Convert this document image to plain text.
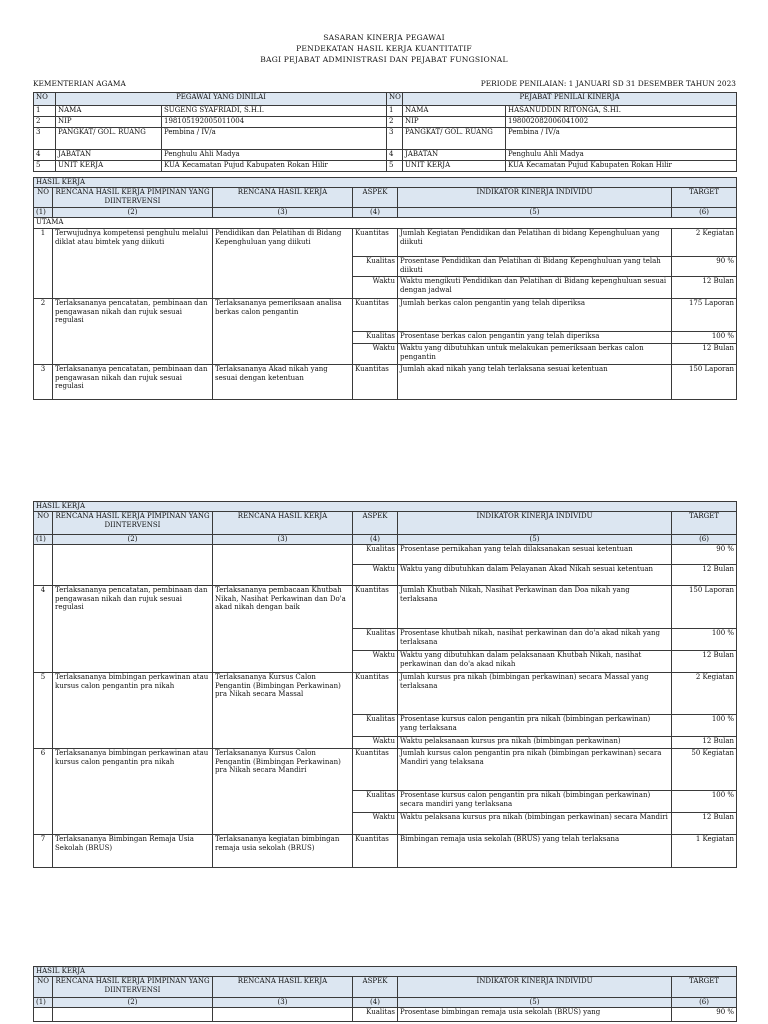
SASARAN KINERJA PEGAWAI
PENDEKATAN HASIL KERJA KUANTITATIF
BAGI PEJABAT ADMINISTRASI DAN PEJABAT FUNGSIONAL
KEMENTERIAN AGAMA	PERIODE PENILAIAN: 1 JANUARI SD 31 DESEMBER TAHUN 2023
NO	PEGAWAI YANG DINILAI		NO	PEJABAT PENILAI KINERJA	
1	NAMA	SUGENG SYAFRIADI, S.H.I.	1	NAMA	HASANUDDIN RITONGA, S.HI.
2	NIP	198105192005011004	2	NIP	198002082006041002
3	PANGKAT/ GOL. RUANG	Pembina / IV/a	3	PANGKAT/ GOL. RUANG	Pembina / IV/a
4	JABATAN	Penghulu Ahli Madya	4	JABATAN	Penghulu Ahli Madya
5	UNIT KERJA	KUA Kecamatan Pujud Kabupaten Rokan Hilir	5	UNIT KERJA	KUA Kecamatan Pujud Kabupaten Rokan Hilir
HASIL KERJA					
NO	RENCANA HASIL KERJA PIMPINAN YANG DIINTERVENSI	RENCANA HASIL KERJA	ASPEK	INDIKATOR KINERJA INDIVIDU	TARGET
(1)	(2)	(3)	(4)	(5)	(6)
UTAMA					
1	Terwujudnya kompetensi penghulu melalui diklat atau bimtek yang diikuti	Pendidikan dan Pelatihan di Bidang Kepenghuluan yang diikuti	Kuantitas	Jumlah Kegiatan Pendidikan dan Pelatihan di bidang Kepenghuluan yang diikuti	2 Kegiatan
			Kualitas	Prosentase Pendidikan dan Pelatihan di Bidang Kepenghuluan yang telah diikuti	90 %
			Waktu	Waktu mengikuti Pendidikan dan Pelatihan di Bidang kepenghuluan sesuai dengan jadwal	12 Bulan
2	Terlaksananya pencatatan, pembinaan dan pengawasan nikah dan rujuk sesuai regulasi	Terlaksananya pemeriksaan analisa berkas calon pengantin	Kuantitas	Jumlah berkas calon pengantin yang telah diperiksa	175 Laporan
			Kualitas	Prosentase berkas calon pengantin yang telah diperiksa	100 %
			Waktu	Waktu yang dibutuhkan untuk melakukan pemeriksaan berkas calon pengantin	12 Bulan
3	Terlaksananya pencatatan, pembinaan dan pengawasan nikah dan rujuk sesuai regulasi	Terlaksananya Akad nikah yang sesuai dengan ketentuan	Kuantitas	Jumlah akad nikah yang telah terlaksana sesuai ketentuan	150 Laporan
HASIL KERJA					
NO	RENCANA HASIL KERJA PIMPINAN YANG DIINTERVENSI	RENCANA HASIL KERJA	ASPEK	INDIKATOR KINERJA INDIVIDU	TARGET
(1)	(2)	(3)	(4)	(5)	(6)
			Kualitas	Prosentase pernikahan yang telah dilaksanakan sesuai ketentuan	90 %
			Waktu	Waktu yang dibutuhkan dalam Pelayanan Akad Nikah sesuai ketentuan	12 Bulan
4	Terlaksananya pencatatan, pembinaan dan pengawasan nikah dan rujuk sesuai regulasi	Terlaksananya pembacaan Khutbah Nikah, Nasihat Perkawinan dan Do'a akad nikah dengan baik	Kuantitas	Jumlah Khutbah Nikah, Nasihat Perkawinan dan Doa nikah yang terlaksana	150 Laporan
			Kualitas	Prosentase khutbah nikah, nasihat perkawinan dan do'a akad nikah yang terlaksana	100 %
			Waktu	Waktu yang dibutuhkan dalam pelaksanaan Khutbah Nikah, nasihat perkawinan dan do'a akad nikah	12 Bulan
5	Terlaksananya bimbingan perkawinan atau kursus calon pengantin pra nikah	Terlaksananya Kursus Calon Pengantin (Bimbingan Perkawinan) pra Nikah secara Massal	Kuantitas	Jumlah kursus pra nikah (bimbingan perkawinan) secara Massal yang terlaksana	2 Kegiatan
			Kualitas	Prosentase kursus calon pengantin pra nikah (bimbingan perkawinan) yang terlaksana	100 %
			Waktu	Waktu pelaksanaan kursus pra nikah (bimbingan perkawinan)	12 Bulan
6	Terlaksananya bimbingan perkawinan atau kursus calon pengantin pra nikah	Terlaksananya Kursus Calon Pengantin (Bimbingan Perkawinan) pra Nikah secara Mandiri	Kuantitas	Jumlah kursus calon pengantin pra nikah (bimbingan perkawinan) secara Mandiri yang telaksana	50 Kegiatan
			Kualitas	Prosentase kursus calon pengantin pra nikah (bimbingan perkawinan) secara mandiri yang terlaksana	100 %
			Waktu	Waktu pelaksana kursus pra nikah (bimbingan perkawinan) secara Mandiri	12 Bulan
7	Terlaksananya Bimbingan Remaja Usia Sekolah (BRUS)	Terlaksananya kegiatan bimbingan remaja usia sekolah (BRUS)	Kuantitas	Bimbingan remaja usia sekolah (BRUS) yang telah terlaksana	1 Kegiatan
HASIL KERJA					
NO	RENCANA HASIL KERJA PIMPINAN YANG DIINTERVENSI	RENCANA HASIL KERJA	ASPEK	INDIKATOR KINERJA INDIVIDU	TARGET
(1)	(2)	(3)	(4)	(5)	(6)
			Kualitas	Prosentase bimbingan remaja usia sekolah (BRUS) yang	90 %
